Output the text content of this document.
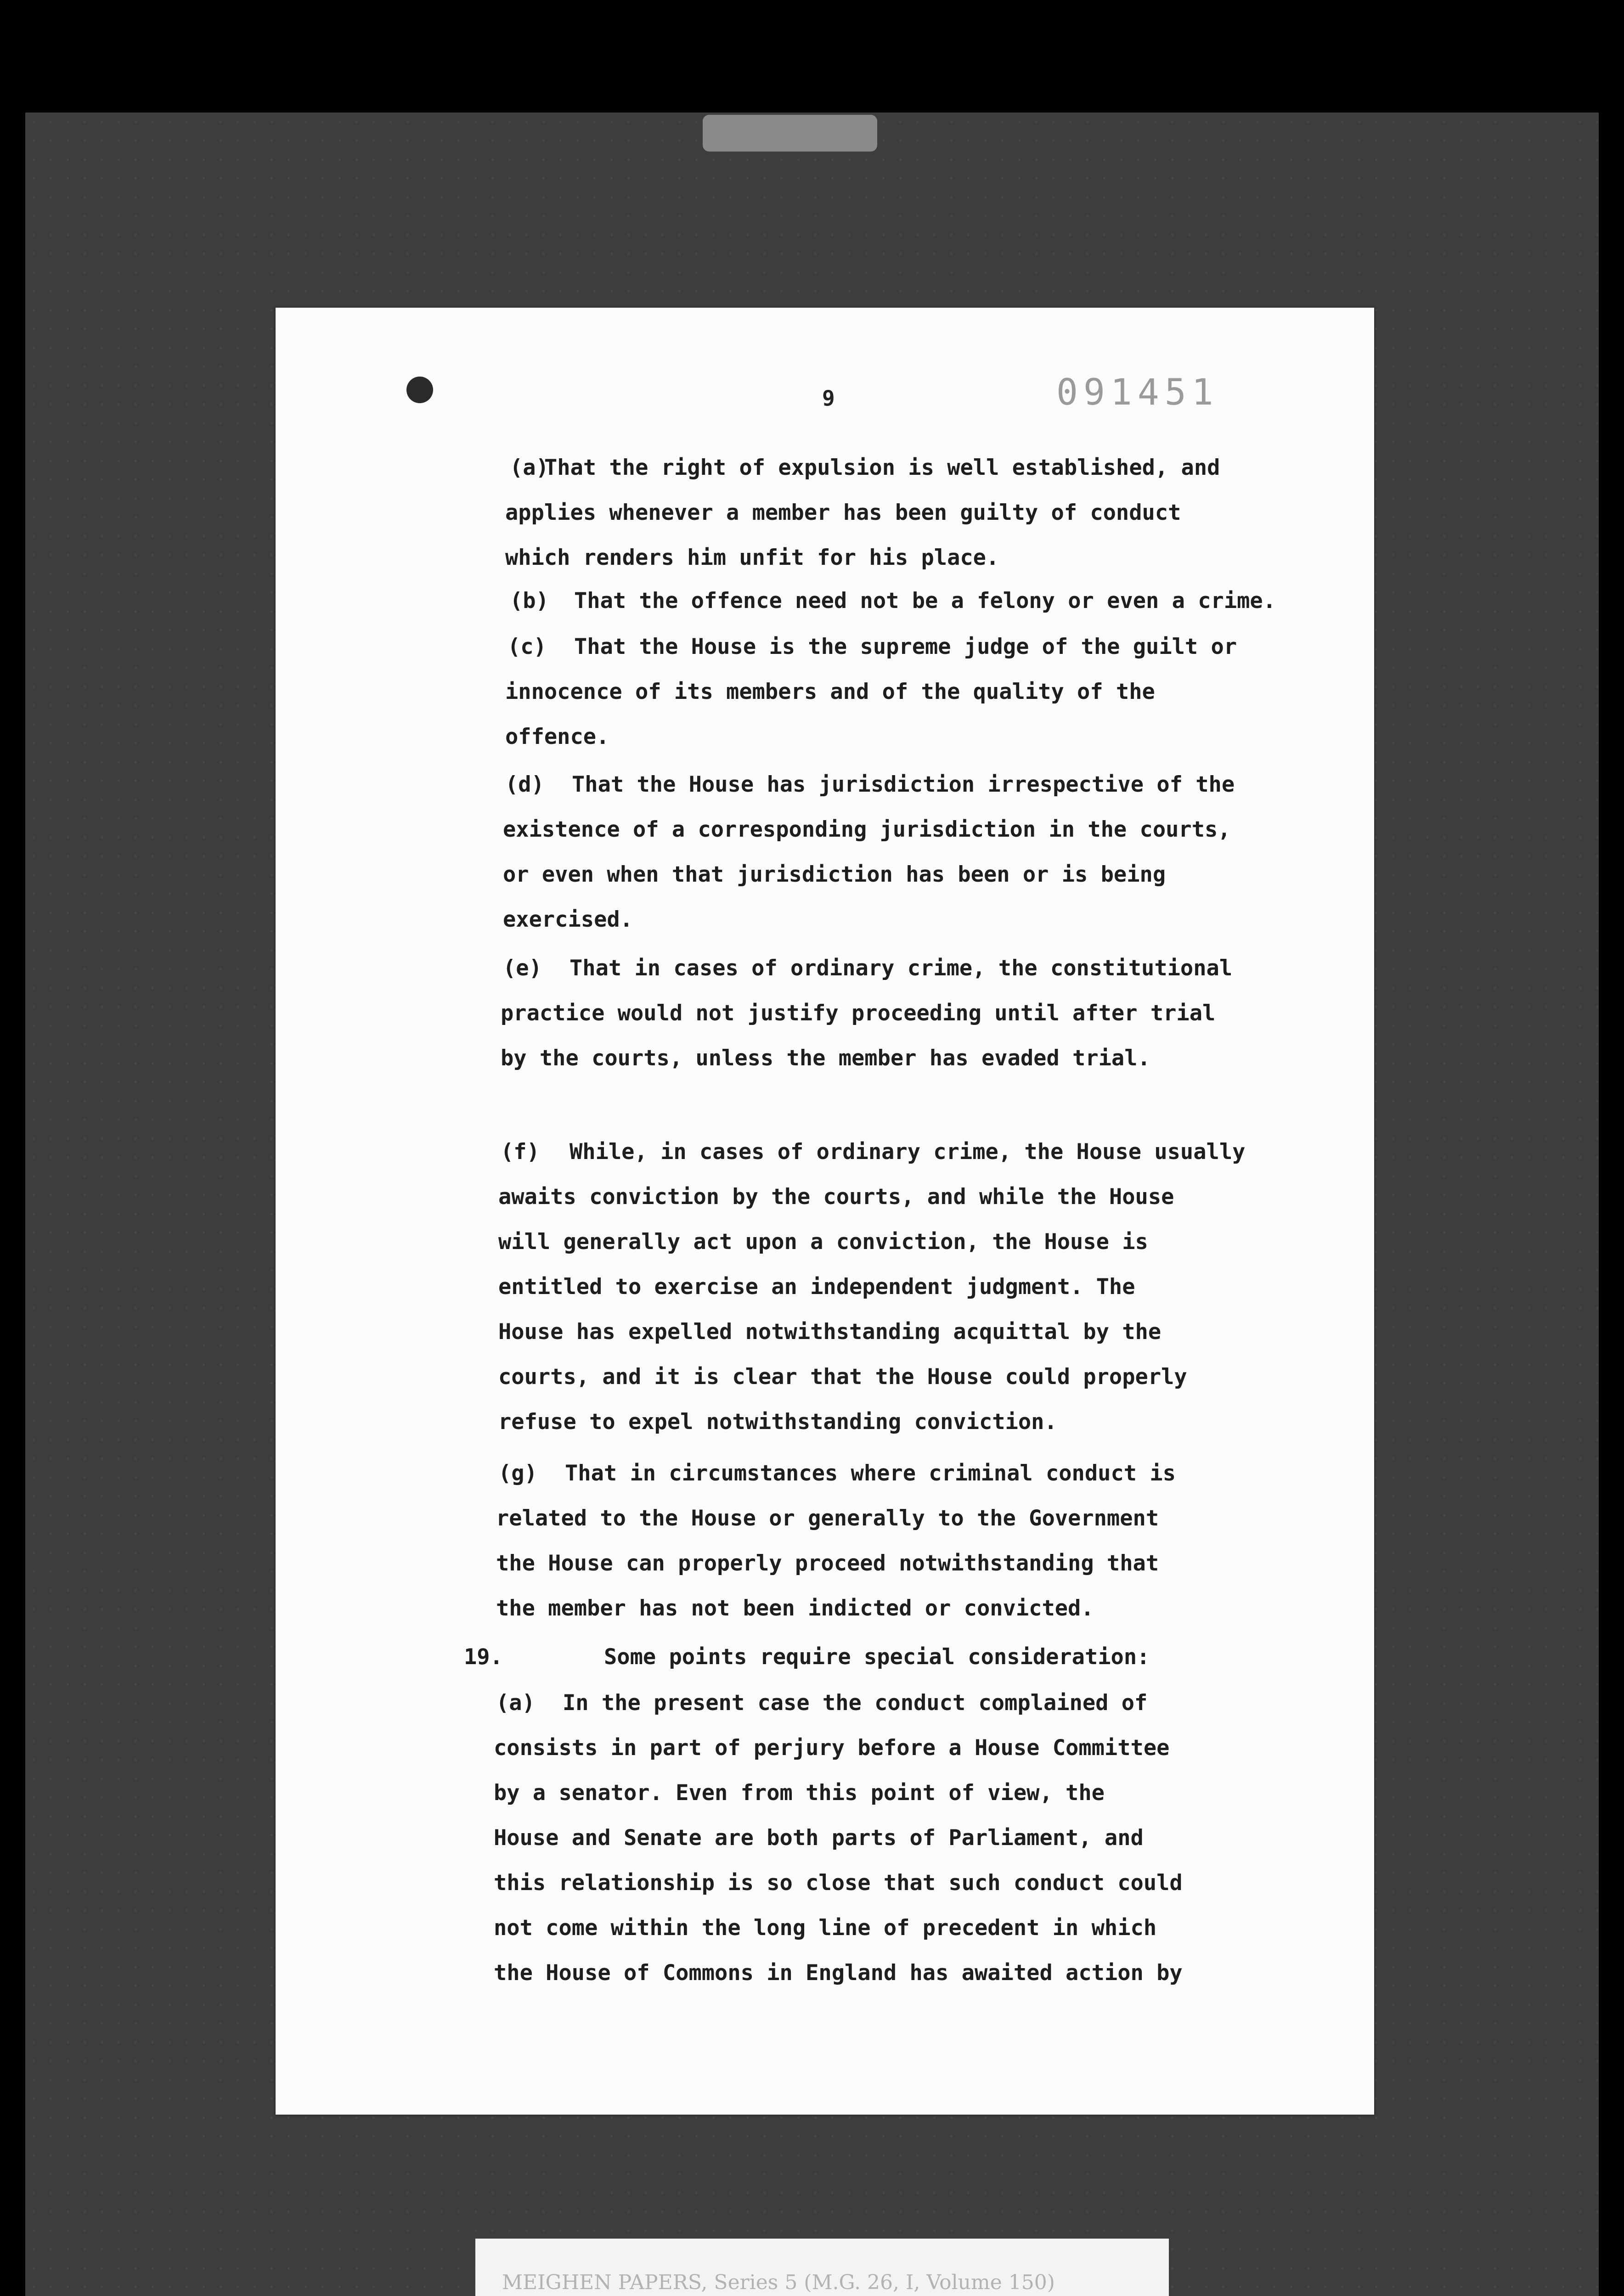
9	091451
(a)
That the right of expulsion is well established, and
applies whenever a member has been guilty of conduct
which renders him unfit for his place.
(b) That the offence need not be a felony or even a crime.
(c) That the House is the supreme judge of the guilt or
innocence of its members and of the quality of the
offence.
(d) That the House has jurisdiction irrespective of the
existence of a corresponding jurisdiction in the courts,
or even when that jurisdiction has been or is being
exercised.
(e) That in cases of ordinary crime, the constitutional
practice would not justify proceeding until after trial
by the courts, unless the member has evaded trial.
(f) While, in cases of ordinary crime, the House usually
awaits conviction by the courts, and while the House
will generally act upon a conviction, the House is
entitled to exercise an independent judgment. The
House has expelled notwithstanding acquittal by the
courts, and it is clear that the House could properly
refuse to expel notwithstanding conviction.
(g) That in circumstances where criminal conduct is
related to the House or generally to the Government
the House can properly proceed notwithstanding that
the member has not been indicted or convicted.
19.	Some points require special consideration:
(a) In the present case the conduct complained of
consists in part of perjury before a House Committee
by a senator. Even from this point of view, the
House and Senate are both parts of Parliament, and
this relationship is so close that such conduct could
not come within the long line of precedent in which
the House of Commons in England has awaited action by
MEIGHEN PAPERS, Series 5 (M.G. 26, I, Volume 150)
